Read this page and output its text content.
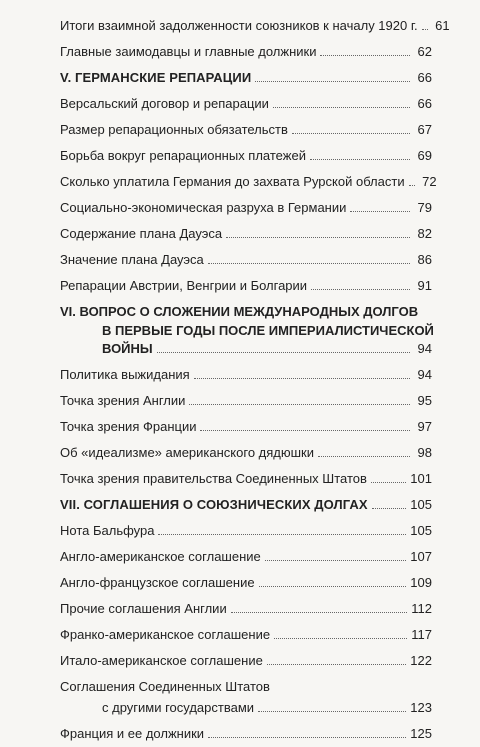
Итоги взаимной задолженности союзников к началу 1920 г. 61
Главные заимодавцы и главные должники	62
V. ГЕРМАНСКИЕ РЕПАРАЦИИ	66
Версальский договор и репарации	66
Размер репарационных обязательств	67
Борьба вокруг репарационных платежей	69
Сколько уплатила Германия до захвата Рурской области 72
Социально-экономическая разруха в Германии	79
Содержание плана Дауэса	82
Значение плана Дауэса	86
Репарации Австрии, Венгрии и Болгарии	91
VI. ВОПРОС О СЛОЖЕНИИ МЕЖДУНАРОДНЫХ ДОЛГОВ
В ПЕРВЫЕ ГОДЫ ПОСЛЕ ИМПЕРИАЛИСТИЧЕСКОЙ
ВОЙНЫ	94
Политика выжидания	94
Точка зрения Англии	95
Точка зрения Франции	97
Об «идеализме» американского дядюшки	98
Точка зрения правительства Соединенных Штатов	101
VII. СОГЛАШЕНИЯ О СОЮЗНИЧЕСКИХ ДОЛГАХ	105
Нота Бальфура	105
Англо-американское соглашение	107
Англо-французское соглашение	109
Прочие соглашения Англии	112
Франко-американское соглашение	117
Итало-американское соглашение	122
Соглашения Соединенных Штатов
с другими государствами	123
Франция и ее должники	125
